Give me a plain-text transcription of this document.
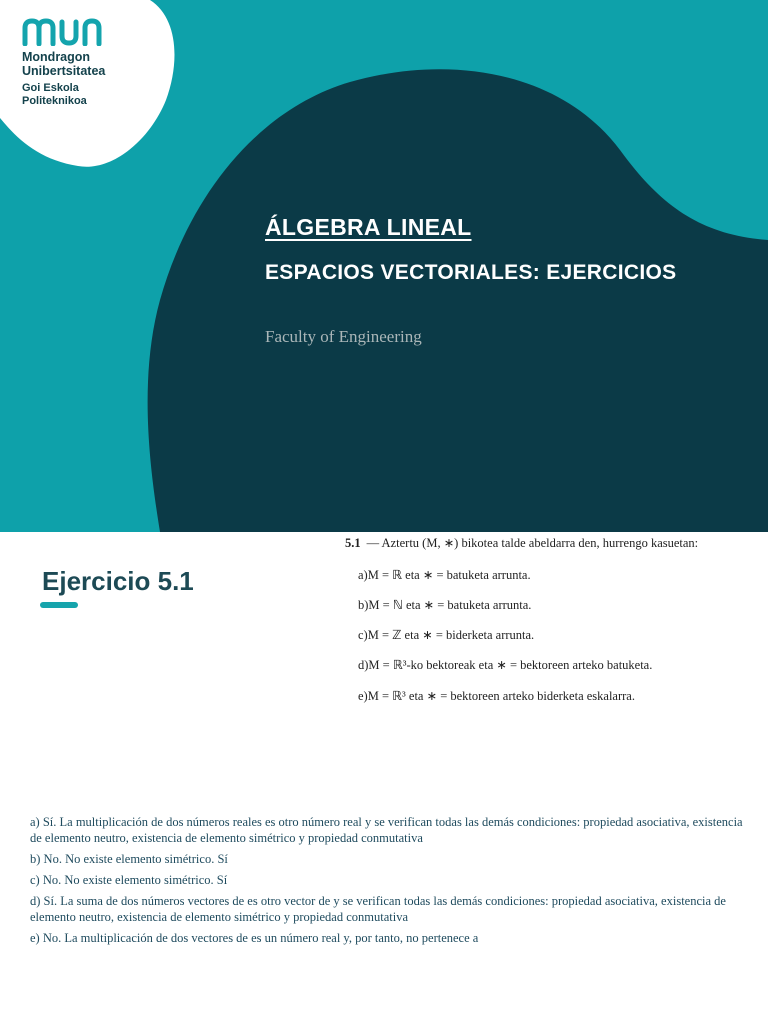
Mondragon
Unibertsitatea
Goi Eskola
Politeknikoa
ÁLGEBRA LINEAL
ESPACIOS VECTORIALES: EJERCICIOS
Faculty of Engineering
Ejercicio 5.1
5.1 — Aztertu (M, ∗) bikotea talde abeldarra den, hurrengo kasuetan:
a)M = ℝ eta ∗ = batuketa arrunta.
b)M = ℕ eta ∗ = batuketa arrunta.
c)M = ℤ eta ∗ = biderketa arrunta.
d)M = ℝ³-ko bektoreak eta ∗ = bektoreen arteko batuketa.
e)M = ℝ³ eta ∗ = bektoreen arteko biderketa eskalarra.

a) Sí. La multiplicación de dos números reales es otro número real y se verifican todas las demás condiciones: propiedad asociativa, existencia de elemento neutro, existencia de elemento simétrico y propiedad conmutativa

b) No. No existe elemento simétrico. Sí

c) No. No existe elemento simétrico. Sí

d) Sí. La suma de dos números vectores de es otro vector de y se verifican todas las demás condiciones: propiedad asociativa, existencia de elemento neutro, existencia de elemento simétrico y propiedad conmutativa

e) No. La multiplicación de dos vectores de es un número real y, por tanto, no pertenece a
